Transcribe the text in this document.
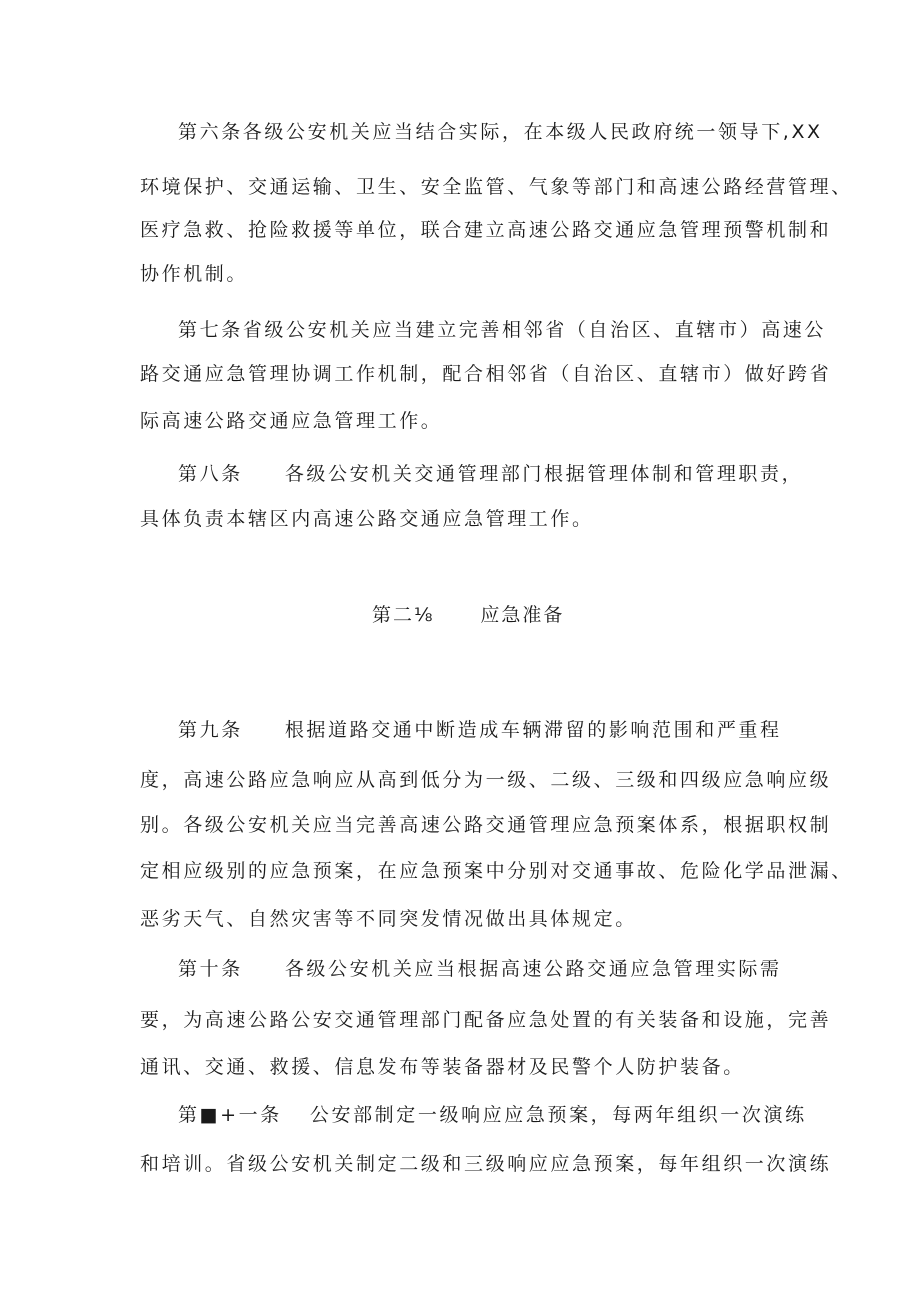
第六条各级公安机关应当结合实际，在本级人民政府统一领导下,XX

环境保护、交通运输、卫生、安全监管、气象等部门和高速公路经营管理、

医疗急救、抢险救援等单位，联合建立高速公路交通应急管理预警机制和

协作机制。

第七条省级公安机关应当建立完善相邻省（自治区、直辖市）高速公

路交通应急管理协调工作机制，配合相邻省（自治区、直辖市）做好跨省

际高速公路交通应急管理工作。

第八条 各级公安机关交通管理部门根据管理体制和管理职责，

具体负责本辖区内高速公路交通应急管理工作。

第二⅛ 应急准备

第九条 根据道路交通中断造成车辆滞留的影响范围和严重程

度，高速公路应急响应从高到低分为一级、二级、三级和四级应急响应级

别。各级公安机关应当完善高速公路交通管理应急预案体系，根据职权制

定相应级别的应急预案，在应急预案中分别对交通事故、危险化学品泄漏、

恶劣天气、自然灾害等不同突发情况做出具体规定。

第十条 各级公安机关应当根据高速公路交通应急管理实际需

要，为高速公路公安交通管理部门配备应急处置的有关装备和设施，完善

通讯、交通、救援、信息发布等装备器材及民警个人防护装备。

第■+一条 公安部制定一级响应应急预案，每两年组织一次演练

和培训。省级公安机关制定二级和三级响应应急预案，每年组织一次演练
